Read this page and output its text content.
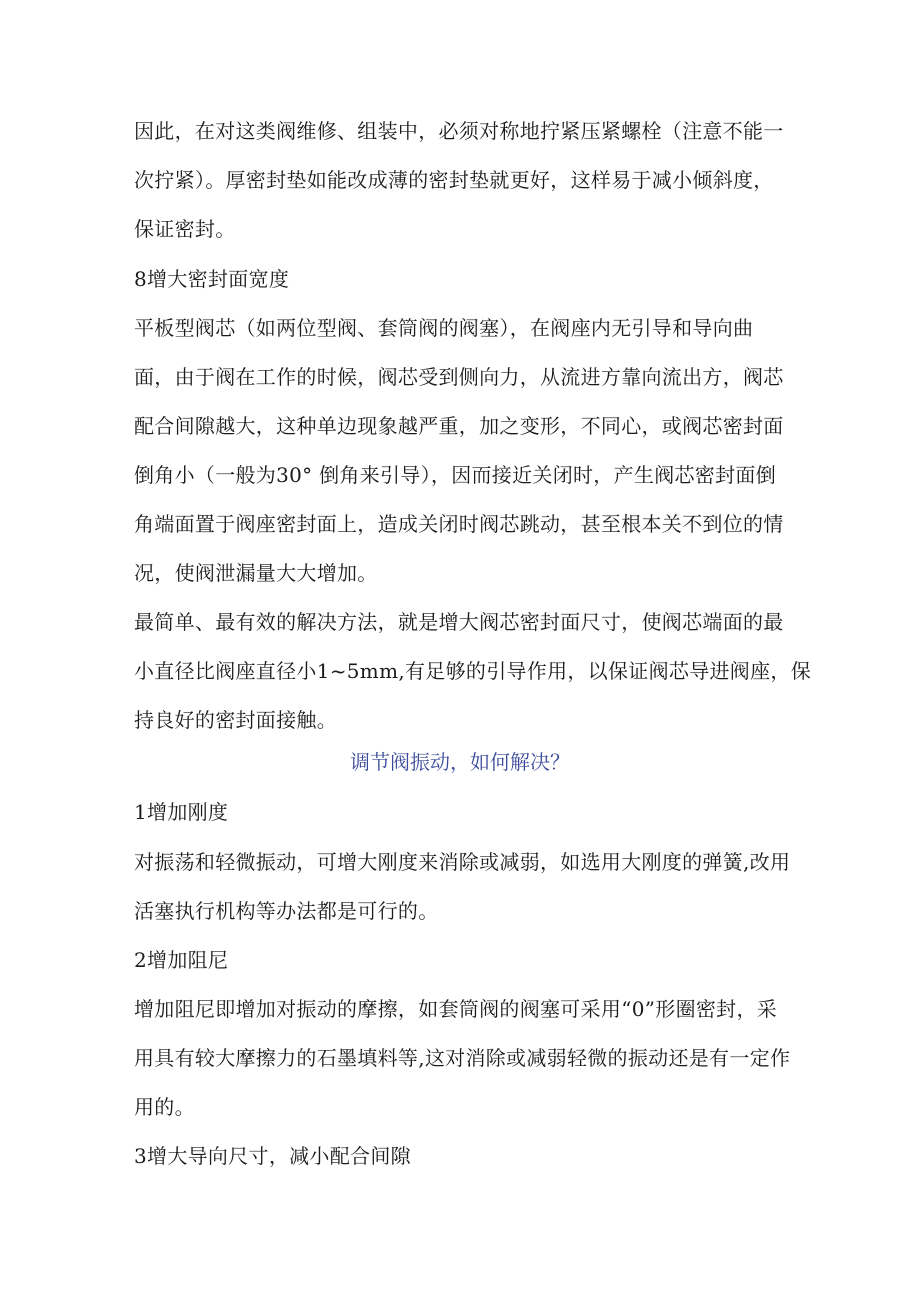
因此，在对这类阀维修、组装中，必须对称地拧紧压紧螺栓（注意不能一
次拧紧）。厚密封垫如能改成薄的密封垫就更好，这样易于减小倾斜度，
保证密封。
8增大密封面宽度
平板型阀芯（如两位型阀、套筒阀的阀塞），在阀座内无引导和导向曲
面，由于阀在工作的时候，阀芯受到侧向力，从流进方靠向流出方，阀芯
配合间隙越大，这种单边现象越严重，加之变形，不同心，或阀芯密封面
倒角小（一般为30° 倒角来引导），因而接近关闭时，产生阀芯密封面倒
角端面置于阀座密封面上，造成关闭时阀芯跳动，甚至根本关不到位的情
况，使阀泄漏量大大增加。
最简单、最有效的解决方法，就是增大阀芯密封面尺寸，使阀芯端面的最
小直径比阀座直径小1~5mm,有足够的引导作用，以保证阀芯导进阀座，保
持良好的密封面接触。
调节阀振动，如何解决？
1增加刚度
对振荡和轻微振动，可增大刚度来消除或减弱，如选用大刚度的弹簧,改用
活塞执行机构等办法都是可行的。
2增加阻尼
增加阻尼即增加对振动的摩擦，如套筒阀的阀塞可采用“0”形圈密封，采
用具有较大摩擦力的石墨填料等,这对消除或减弱轻微的振动还是有一定作
用的。
3增大导向尺寸，减小配合间隙
